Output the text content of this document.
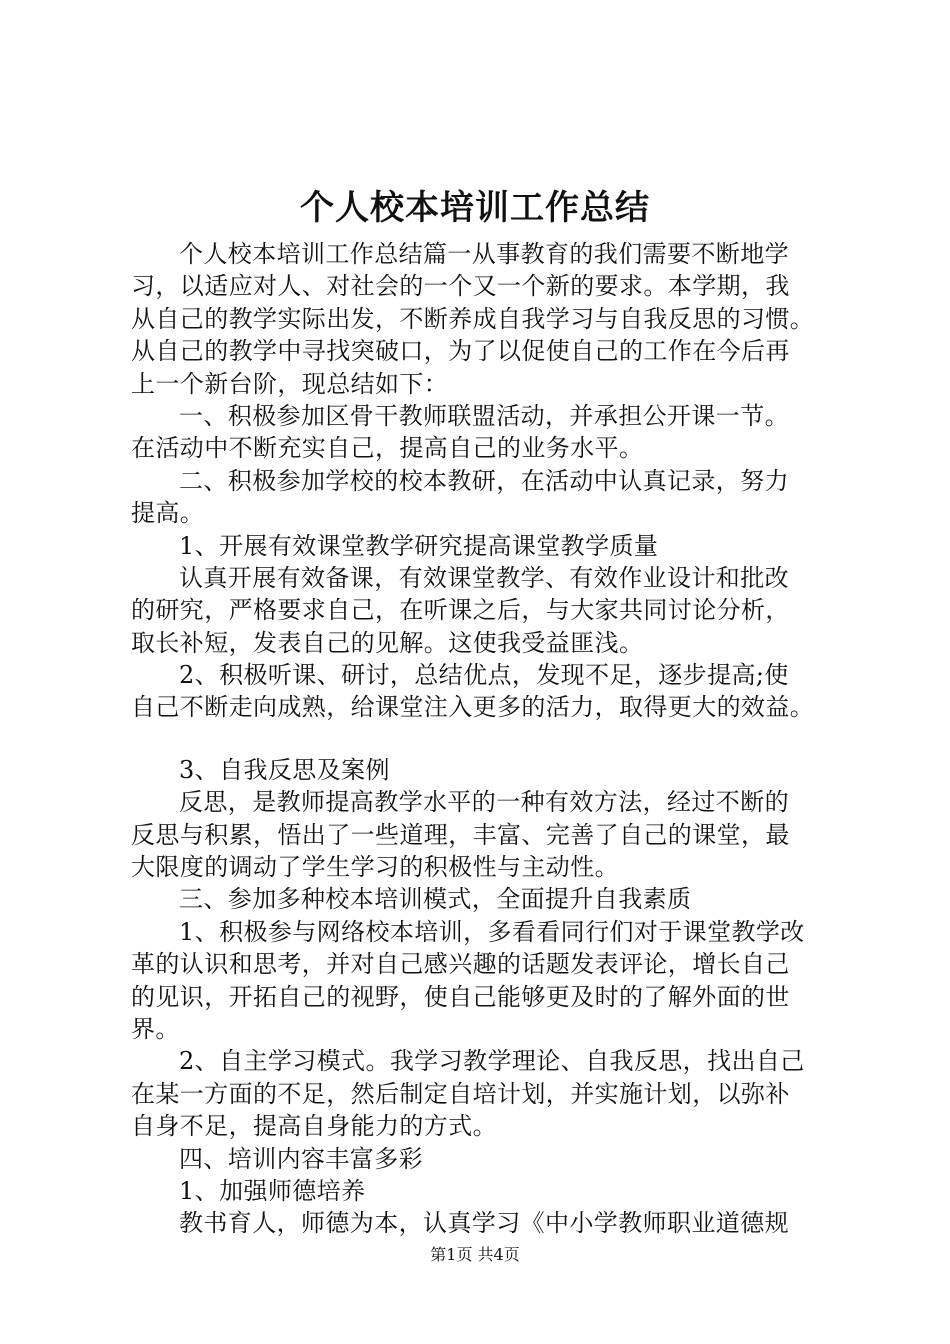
个人校本培训工作总结
个人校本培训工作总结篇一从事教育的我们需要不断地学
习，以适应对人、对社会的一个又一个新的要求。本学期，我
从自己的教学实际出发，不断养成自我学习与自我反思的习惯。
从自己的教学中寻找突破口，为了以促使自己的工作在今后再
上一个新台阶，现总结如下：
一、积极参加区骨干教师联盟活动，并承担公开课一节。
在活动中不断充实自己，提高自己的业务水平。
二、积极参加学校的校本教研，在活动中认真记录，努力
提高。
1、开展有效课堂教学研究提高课堂教学质量
认真开展有效备课，有效课堂教学、有效作业设计和批改
的研究，严格要求自己，在听课之后，与大家共同讨论分析，
取长补短，发表自己的见解。这使我受益匪浅。
2、积极听课、研讨，总结优点，发现不足，逐步提高;使
自己不断走向成熟，给课堂注入更多的活力，取得更大的效益。
3、自我反思及案例
反思，是教师提高教学水平的一种有效方法，经过不断的
反思与积累，悟出了一些道理，丰富、完善了自己的课堂，最
大限度的调动了学生学习的积极性与主动性。
三、参加多种校本培训模式，全面提升自我素质
1、积极参与网络校本培训，多看看同行们对于课堂教学改
革的认识和思考，并对自己感兴趣的话题发表评论，增长自己
的见识，开拓自己的视野，使自己能够更及时的了解外面的世
界。
2、自主学习模式。我学习教学理论、自我反思，找出自己
在某一方面的不足，然后制定自培计划，并实施计划，以弥补
自身不足，提高自身能力的方式。
四、培训内容丰富多彩
1、加强师德培养
教书育人，师德为本，认真学习《中小学教师职业道德规
第1页 共4页
